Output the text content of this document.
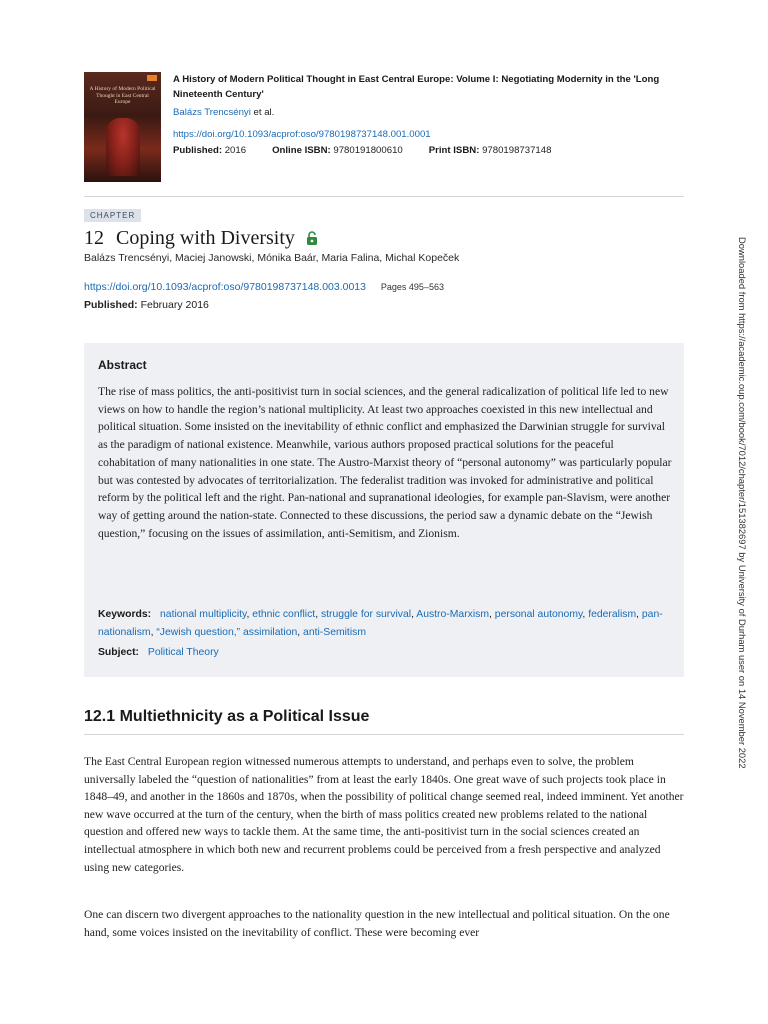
A History of Modern Political Thought in East Central Europe
A History of Modern Political Thought in East Central Europe: Volume I: Negotiating Modernity in the 'Long Nineteenth Century'
Balázs Trencsényi et al.
https://doi.org/10.1093/acprof:oso/9780198737148.001.0001
Published: 2016	Online ISBN: 9780191800610	Print ISBN: 9780198737148
CHAPTER
12 Coping with Diversity
Balázs Trencsényi, Maciej Janowski, Mónika Baár, Maria Falina, Michal Kopeček
https://doi.org/10.1093/acprof:oso/9780198737148.003.0013 Pages 495–563
Published: February 2016
Abstract
The rise of mass politics, the anti-positivist turn in social sciences, and the general radicalization of political life led to new views on how to handle the region’s national multiplicity. At least two approaches coexisted in this new intellectual and political situation. Some insisted on the inevitability of ethnic conflict and emphasized the Darwinian struggle for survival as the paradigm of national existence. Meanwhile, various authors proposed practical solutions for the peaceful cohabitation of many nationalities in one state. The Austro-Marxist theory of “personal autonomy” was particularly popular but was contested by advocates of territorialization. The federalist tradition was invoked for administrative and political reform by the political left and the right. Pan-national and supranational ideologies, for example pan-Slavism, were another way of getting around the nation-state. Connected to these discussions, the period saw a dynamic debate on the “Jewish question,” focusing on the issues of assimilation, anti-Semitism, and Zionism.
Keywords: national multiplicity, ethnic conflict, struggle for survival, Austro-Marxism, personal autonomy, federalism, pan-nationalism, “Jewish question,” assimilation, anti-Semitism
Subject: Political Theory
12.1 Multiethnicity as a Political Issue
The East Central European region witnessed numerous attempts to understand, and perhaps even to solve, the problem universally labeled the “question of nationalities” from at least the early 1840s. One great wave of such projects took place in 1848–49, and another in the 1860s and 1870s, when the possibility of political change seemed real, indeed imminent. Yet another new wave occurred at the turn of the century, when the birth of mass politics created new problems related to the national question and offered new ways to tackle them. At the same time, the anti-positivist turn in the social sciences created an intellectual atmosphere in which both new and recurrent problems could be perceived from a fresh perspective and analyzed using new categories.
One can discern two divergent approaches to the nationality question in the new intellectual and political situation. On the one hand, some voices insisted on the inevitability of conflict. These were becoming ever
Downloaded from https://academic.oup.com/book/7012/chapter/151382697 by University of Durham user on 14 November 2022
